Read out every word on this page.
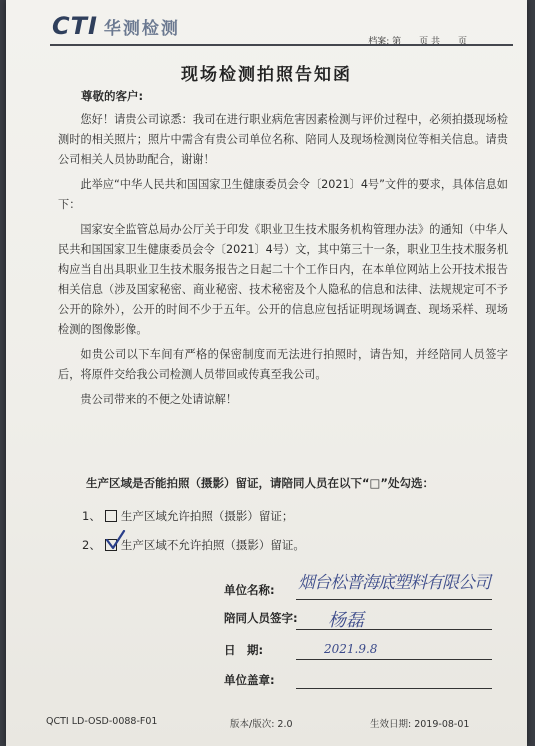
CTI 华测检测
档案: 第　　页 共　　页
现场检测拍照告知函
尊敬的客户:

您好！请贵公司谅悉：我司在进行职业病危害因素检测与评价过程中，必须拍摄现场检测时的相关照片；照片中需含有贵公司单位名称、陪同人及现场检测岗位等相关信息。请贵公司相关人员协助配合，谢谢！

此举应“中华人民共和国国家卫生健康委员会令〔2021〕4号”文件的要求，具体信息如下：

国家安全监管总局办公厅关于印发《职业卫生技术服务机构管理办法》的通知（中华人民共和国国家卫生健康委员会令〔2021〕4号）文，其中第三十一条，职业卫生技术服务机构应当自出具职业卫生技术服务报告之日起二十个工作日内，在本单位网站上公开技术报告相关信息（涉及国家秘密、商业秘密、技术秘密及个人隐私的信息和法律、法规规定可不予公开的除外），公开的时间不少于五年。公开的信息应包括证明现场调查、现场采样、现场检测的图像影像。

如贵公司以下车间有严格的保密制度而无法进行拍照时，请告知，并经陪同人员签字后，将原件交给我公司检测人员带回或传真至我公司。

贵公司带来的不便之处请谅解！

生产区域是否能拍照（摄影）留证，请陪同人员在以下“□”处勾选：
1、 生产区域允许拍照（摄影）留证；
2、 生产区域不允许拍照（摄影）留证。
单位名称: 烟台松普海底塑料有限公司
陪同人员签字: 杨磊
日　期:	2021.9.8
单位盖章:
QCTI LD-OSD-0088-F01	版本/版次: 2.0	生效日期: 2019-08-01
